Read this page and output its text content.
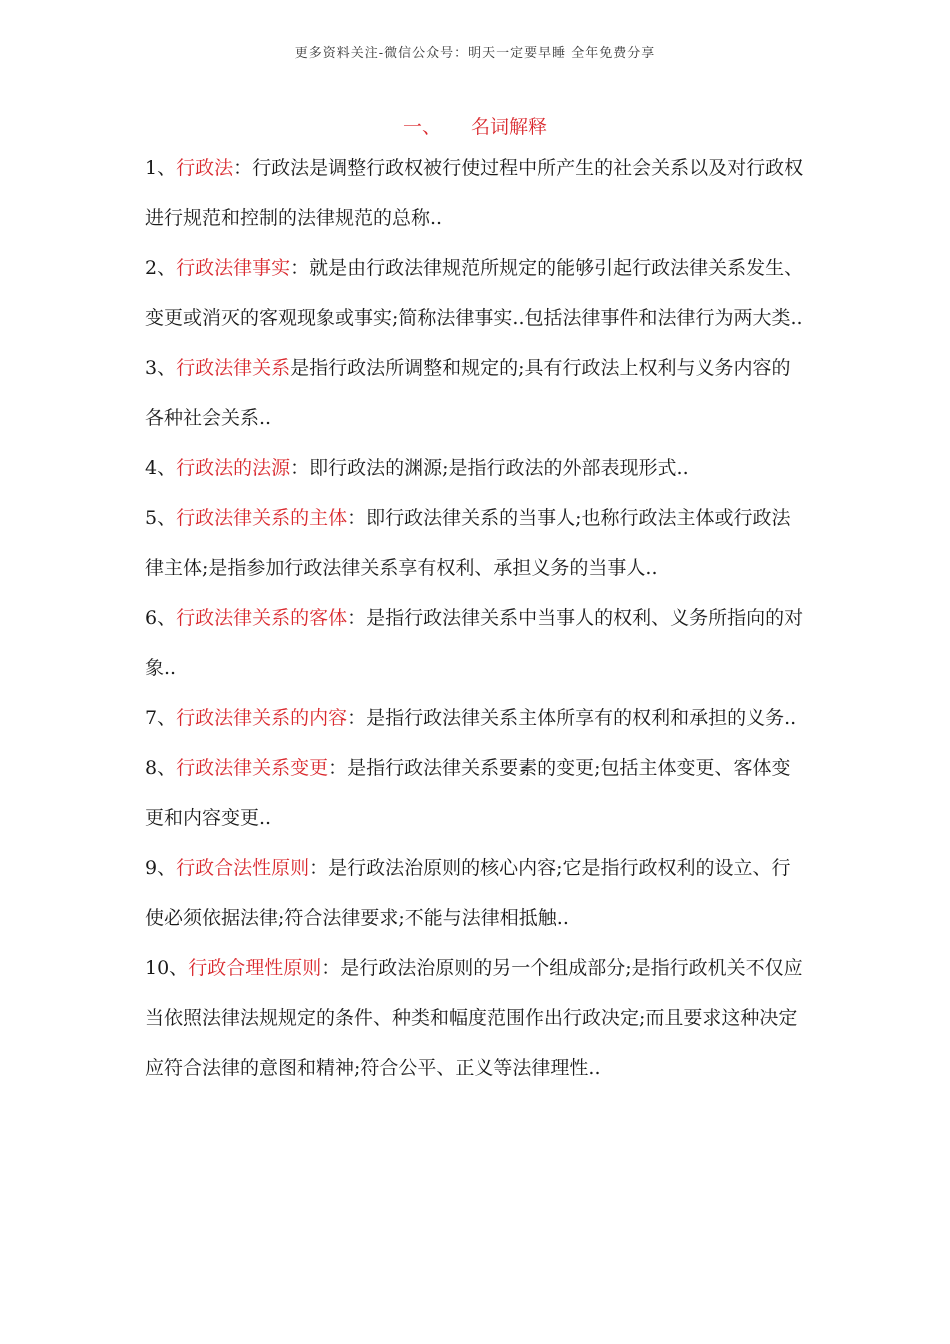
更多资料关注-微信公众号：明天一定要早睡 全年免费分享
一、 名词解释

1、行政法：行政法是调整行政权被行使过程中所产生的社会关系以及对行政权进行规范和控制的法律规范的总称..

2、行政法律事实：就是由行政法律规范所规定的能够引起行政法律关系发生、变更或消灭的客观现象或事实;简称法律事实..包括法律事件和法律行为两大类..

3、行政法律关系是指行政法所调整和规定的;具有行政法上权利与义务内容的各种社会关系..

4、行政法的法源：即行政法的渊源;是指行政法的外部表现形式..

5、行政法律关系的主体：即行政法律关系的当事人;也称行政法主体或行政法律主体;是指参加行政法律关系享有权利、承担义务的当事人..

6、行政法律关系的客体：是指行政法律关系中当事人的权利、义务所指向的对象..

7、行政法律关系的内容：是指行政法律关系主体所享有的权利和承担的义务..

8、行政法律关系变更：是指行政法律关系要素的变更;包括主体变更、客体变更和内容变更..

9、行政合法性原则：是行政法治原则的核心内容;它是指行政权利的设立、行使必须依据法律;符合法律要求;不能与法律相抵触..

10、行政合理性原则：是行政法治原则的另一个组成部分;是指行政机关不仅应当依照法律法规规定的条件、种类和幅度范围作出行政决定;而且要求这种决定应符合法律的意图和精神;符合公平、正义等法律理性..
